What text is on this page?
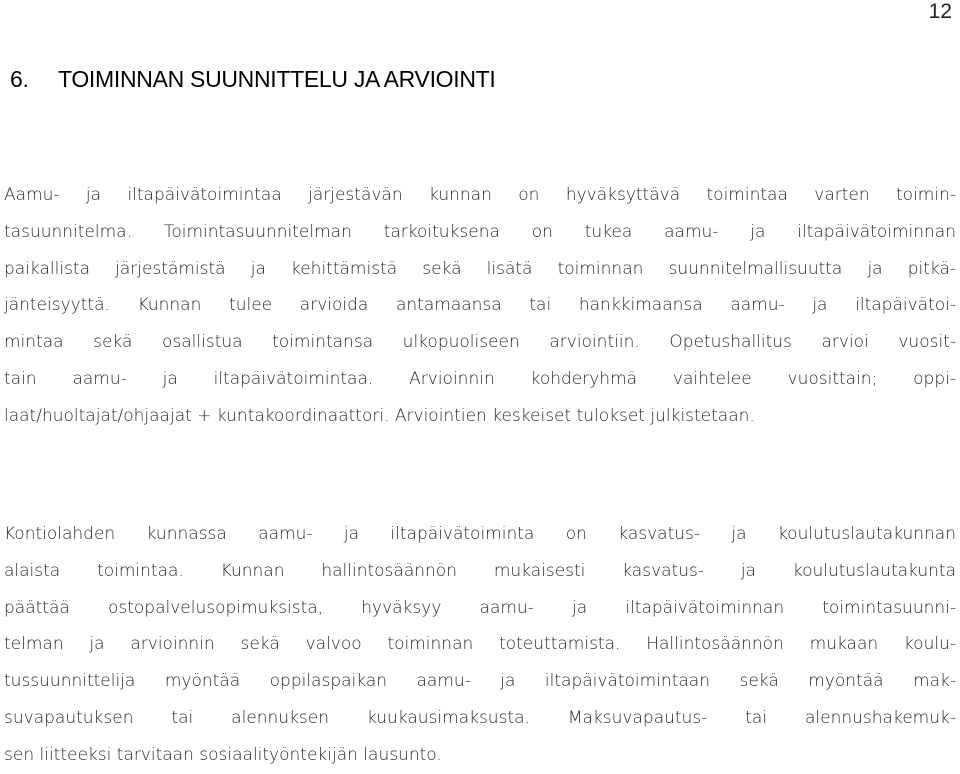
12
6. TOIMINNAN SUUNNITTELU JA ARVIOINTI

Aamu- ja iltapäivätoimintaa järjestävän kunnan on hyväksyttävä toimintaa varten toimin-
tasuunnitelma. Toimintasuunnitelman tarkoituksena on tukea aamu- ja iltapäivätoiminnan
paikallista järjestämistä ja kehittämistä sekä lisätä toiminnan suunnitelmallisuutta ja pitkä-
jänteisyyttä. Kunnan tulee arvioida antamaansa tai hankkimaansa aamu- ja iltapäivätoi-
mintaa sekä osallistua toimintansa ulkopuoliseen arviointiin. Opetushallitus arvioi vuosit-
tain aamu- ja iltapäivätoimintaa. Arvioinnin kohderyhmä vaihtelee vuosittain; oppi-
laat/huoltajat/ohjaajat + kuntakoordinaattori. Arviointien keskeiset tulokset julkistetaan.

Kontiolahden kunnassa aamu- ja iltapäivätoiminta on kasvatus- ja koulutuslautakunnan
alaista toimintaa. Kunnan hallintosäännön mukaisesti kasvatus- ja koulutuslautakunta
päättää ostopalvelusopimuksista, hyväksyy aamu- ja iltapäivätoiminnan toimintasuunni-
telman ja arvioinnin sekä valvoo toiminnan toteuttamista. Hallintosäännön mukaan koulu-
tussuunnittelija myöntää oppilaspaikan aamu- ja iltapäivätoimintaan sekä myöntää mak-
suvapautuksen tai alennuksen kuukausimaksusta. Maksuvapautus- tai alennushakemuk-
sen liitteeksi tarvitaan sosiaalityöntekijän lausunto.
